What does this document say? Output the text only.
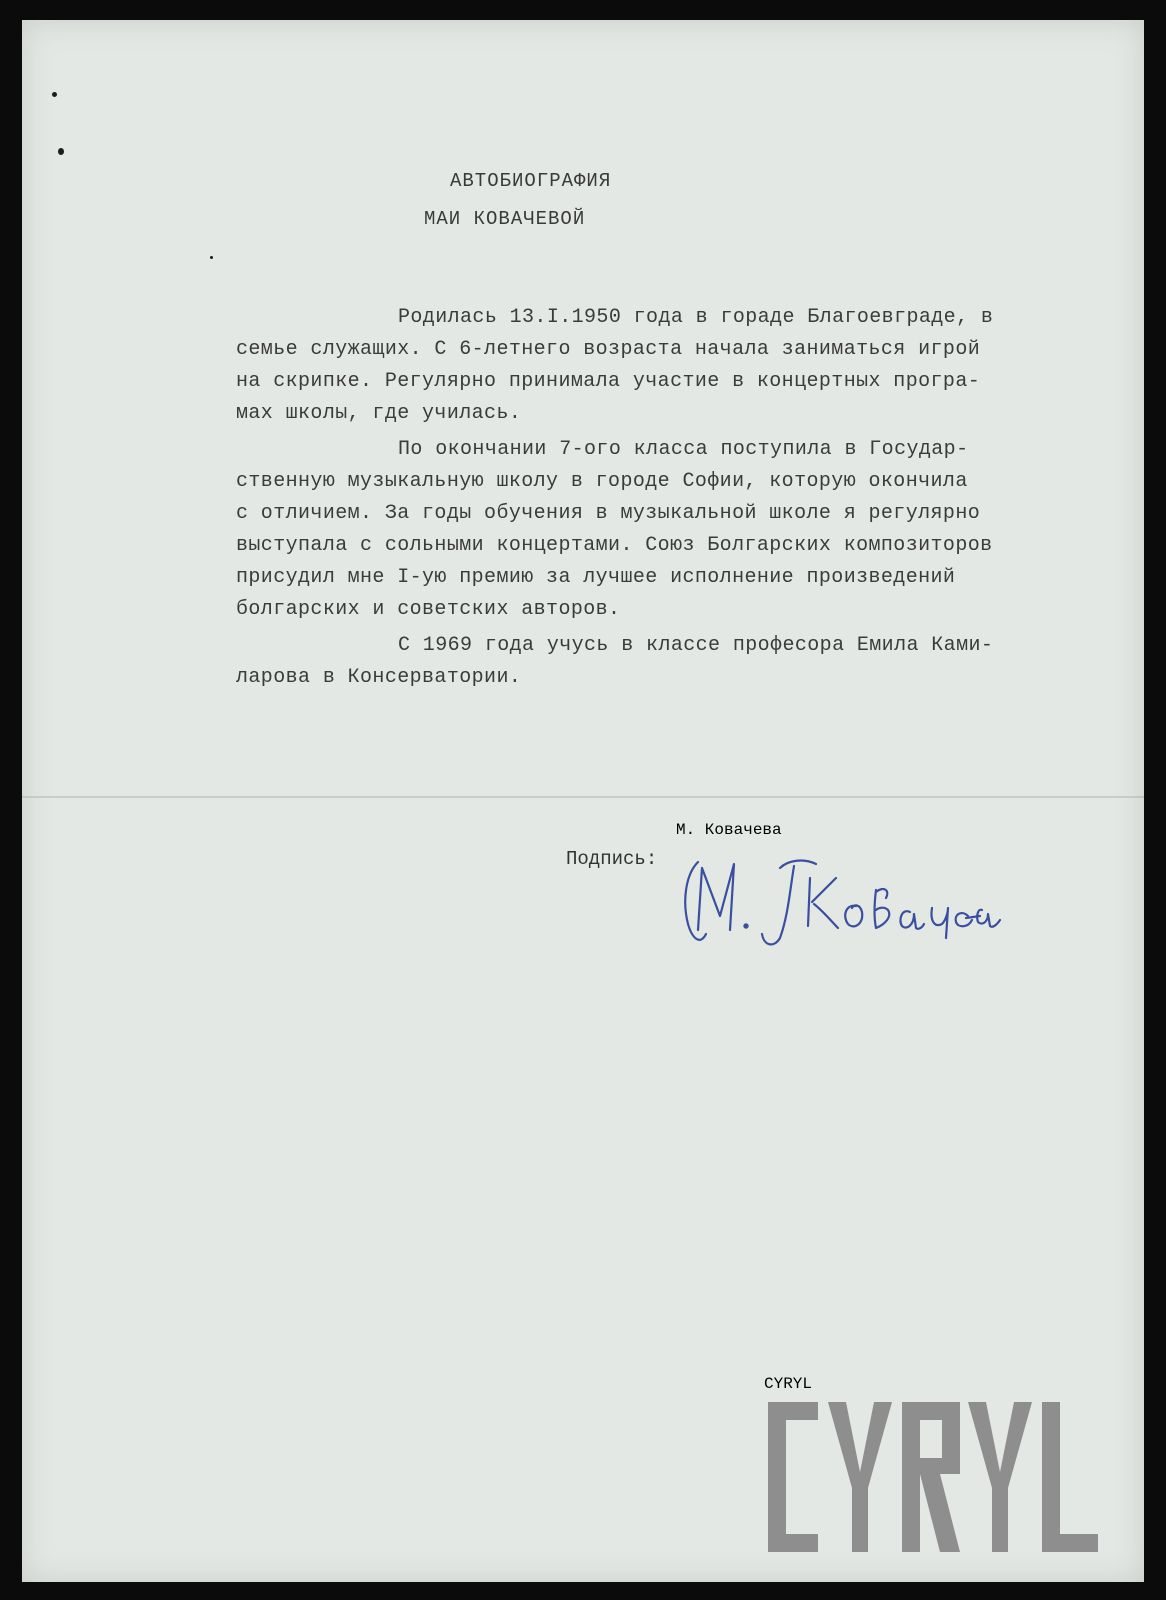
АВТОБИОГРАФИЯ
МАИ КОВАЧЕВОЙ
Родилась 13.I.1950 года в гораде Благоевграде, в
семье служащих. С 6-летнего возраста начала заниматься игрой
на скрипке. Регулярно принимала участие в концертных програ-
мах школы, где училась.
По окончании 7-ого класса поступила в Государ-
ственную музыкальную школу в городе Софии, которую окончила
с отличием. За годы обучения в музыкальной школе я регулярно
выступала с сольными концертами. Союз Болгарских композиторов
присудил мне I-ую премию за лучшее исполнение произведений
болгарских и советских авторов.
С 1969 года учусь в классе професора Емила Ками-
ларова в Консерватории.
Подпись:
М. Ковачева
CYRYL
